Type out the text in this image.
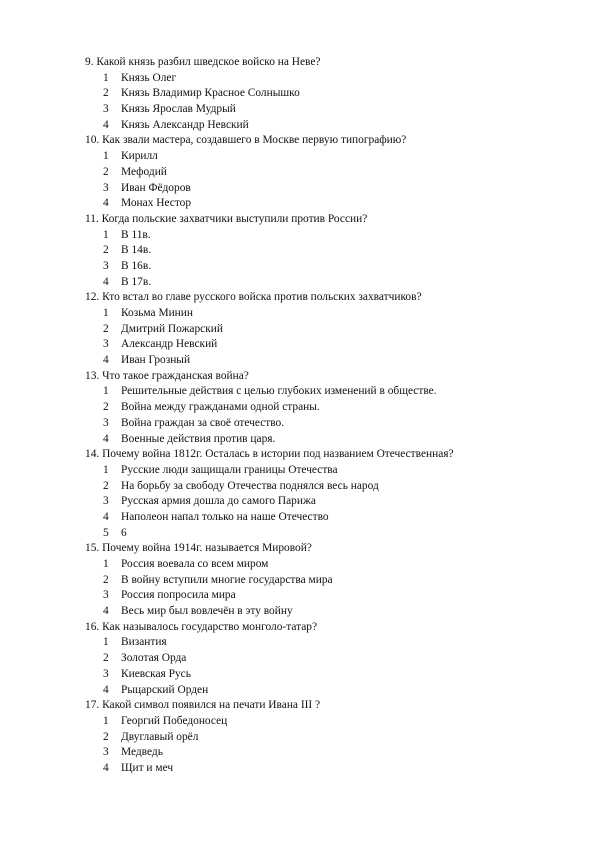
9. Какой князь разбил шведское войско на Неве?
1	Князь Олег
2	Князь Владимир Красное Солнышко
3	Князь Ярослав Мудрый
4	Князь Александр Невский
10. Как звали мастера, создавшего в Москве первую типографию?
1	Кирилл
2	Мефодий
3	Иван Фёдоров
4	Монах Нестор
11. Когда польские захватчики выступили против России?
1	В 11в.
2	В 14в.
3	В 16в.
4	В 17в.
12. Кто встал во главе русского войска против польских захватчиков?
1	Козьма Минин
2	Дмитрий Пожарский
3	Александр Невский
4	Иван Грозный
13. Что такое гражданская война?
1	Решительные действия с целью глубоких изменений в обществе.
2	Война между гражданами одной страны.
3	Война граждан за своё отечество.
4	Военные действия против царя.
14. Почему война 1812г. Осталась в истории под названием Отечественная?
1	Русские люди защищали границы Отечества
2	На борьбу за свободу Отечества поднялся весь народ
3	Русская армия дошла до самого Парижа
4	Наполеон напал только на наше Отечество
5	6
15. Почему война 1914г. называется Мировой?
1	Россия воевала со всем миром
2	В войну вступили многие государства мира
3	Россия попросила мира
4	Весь мир был вовлечён в эту войну
16. Как называлось государство монголо-татар?
1	Византия
2	Золотая Орда
3	Киевская Русь
4	Рыцарский Орден
17. Какой символ появился на печати Ивана III ?
1	Георгий Победоносец
2	Двуглавый орёл
3	Медведь
4	Щит и меч
